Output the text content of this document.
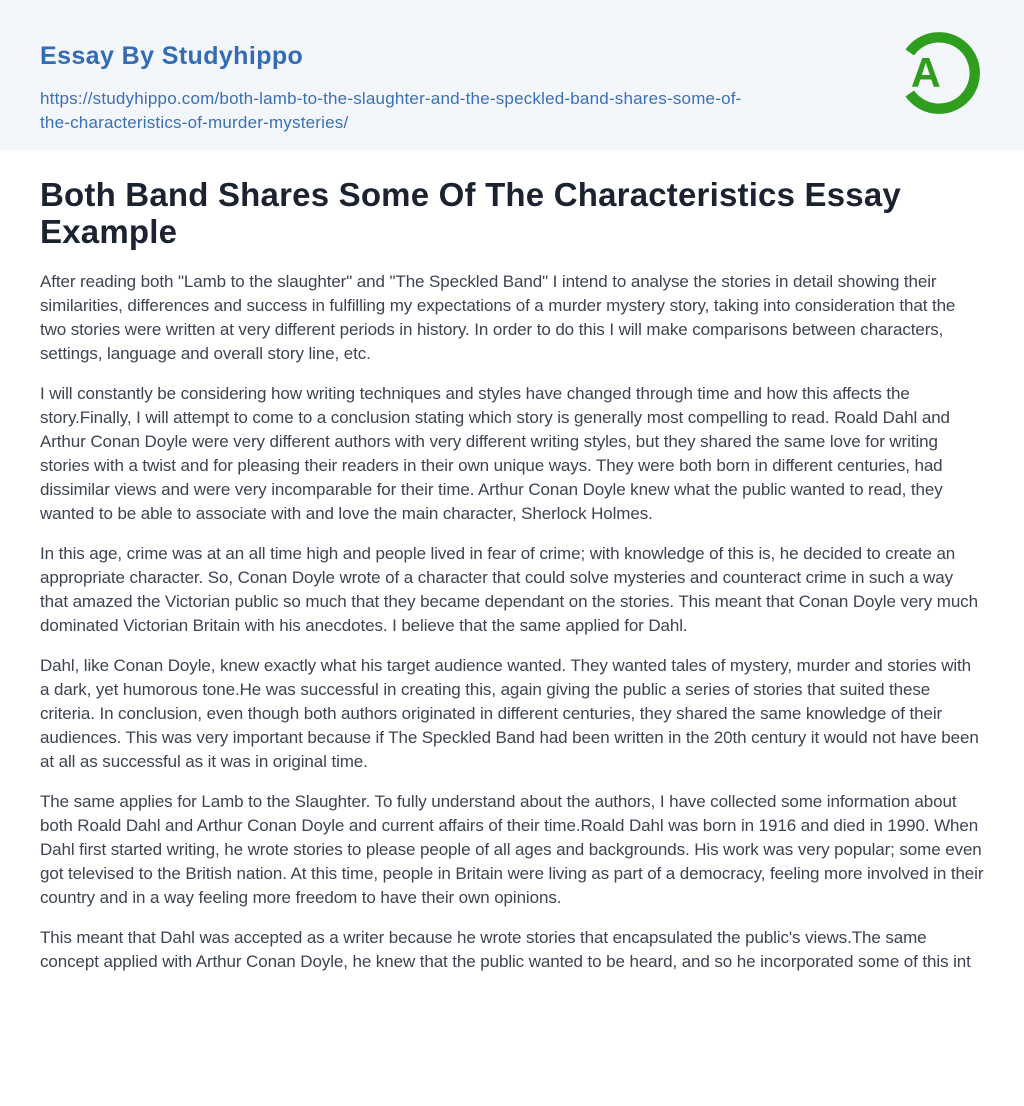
Essay By Studyhippo
https://studyhippo.com/both-lamb-to-the-slaughter-and-the-speckled-band-shares-some-of-
the-characteristics-of-murder-mysteries/
A
Both Band Shares Some Of The Characteristics Essay Example

After reading both "Lamb to the slaughter" and "The Speckled Band" I intend to analyse the stories in detail showing their similarities, differences and success in fulfilling my expectations of a murder mystery story, taking into consideration that the two stories were written at very different periods in history. In order to do this I will make comparisons between characters, settings, language and overall story line, etc.

I will constantly be considering how writing techniques and styles have changed through time and how this affects the story.Finally, I will attempt to come to a conclusion stating which story is generally most compelling to read. Roald Dahl and Arthur Conan Doyle were very different authors with very different writing styles, but they shared the same love for writing stories with a twist and for pleasing their readers in their own unique ways. They were both born in different centuries, had dissimilar views and were very incomparable for their time. Arthur Conan Doyle knew what the public wanted to read, they wanted to be able to associate with and love the main character, Sherlock Holmes.

In this age, crime was at an all time high and people lived in fear of crime; with knowledge of this is, he decided to create an appropriate character. So, Conan Doyle wrote of a character that could solve mysteries and counteract crime in such a way that amazed the Victorian public so much that they became dependant on the stories. This meant that Conan Doyle very much dominated Victorian Britain with his anecdotes. I believe that the same applied for Dahl.

Dahl, like Conan Doyle, knew exactly what his target audience wanted. They wanted tales of mystery, murder and stories with a dark, yet humorous tone.He was successful in creating this, again giving the public a series of stories that suited these criteria. In conclusion, even though both authors originated in different centuries, they shared the same knowledge of their audiences. This was very important because if The Speckled Band had been written in the 20th century it would not have been at all as successful as it was in original time.

The same applies for Lamb to the Slaughter. To fully understand about the authors, I have collected some information about both Roald Dahl and Arthur Conan Doyle and current affairs of their time.Roald Dahl was born in 1916 and died in 1990. When Dahl first started writing, he wrote stories to please people of all ages and backgrounds. His work was very popular; some even got televised to the British nation. At this time, people in Britain were living as part of a democracy, feeling more involved in their country and in a way feeling more freedom to have their own opinions.

This meant that Dahl was accepted as a writer because he wrote stories that encapsulated the public's views.The same concept applied with Arthur Conan Doyle, he knew that the public wanted to be heard, and so he incorporated some of this int
